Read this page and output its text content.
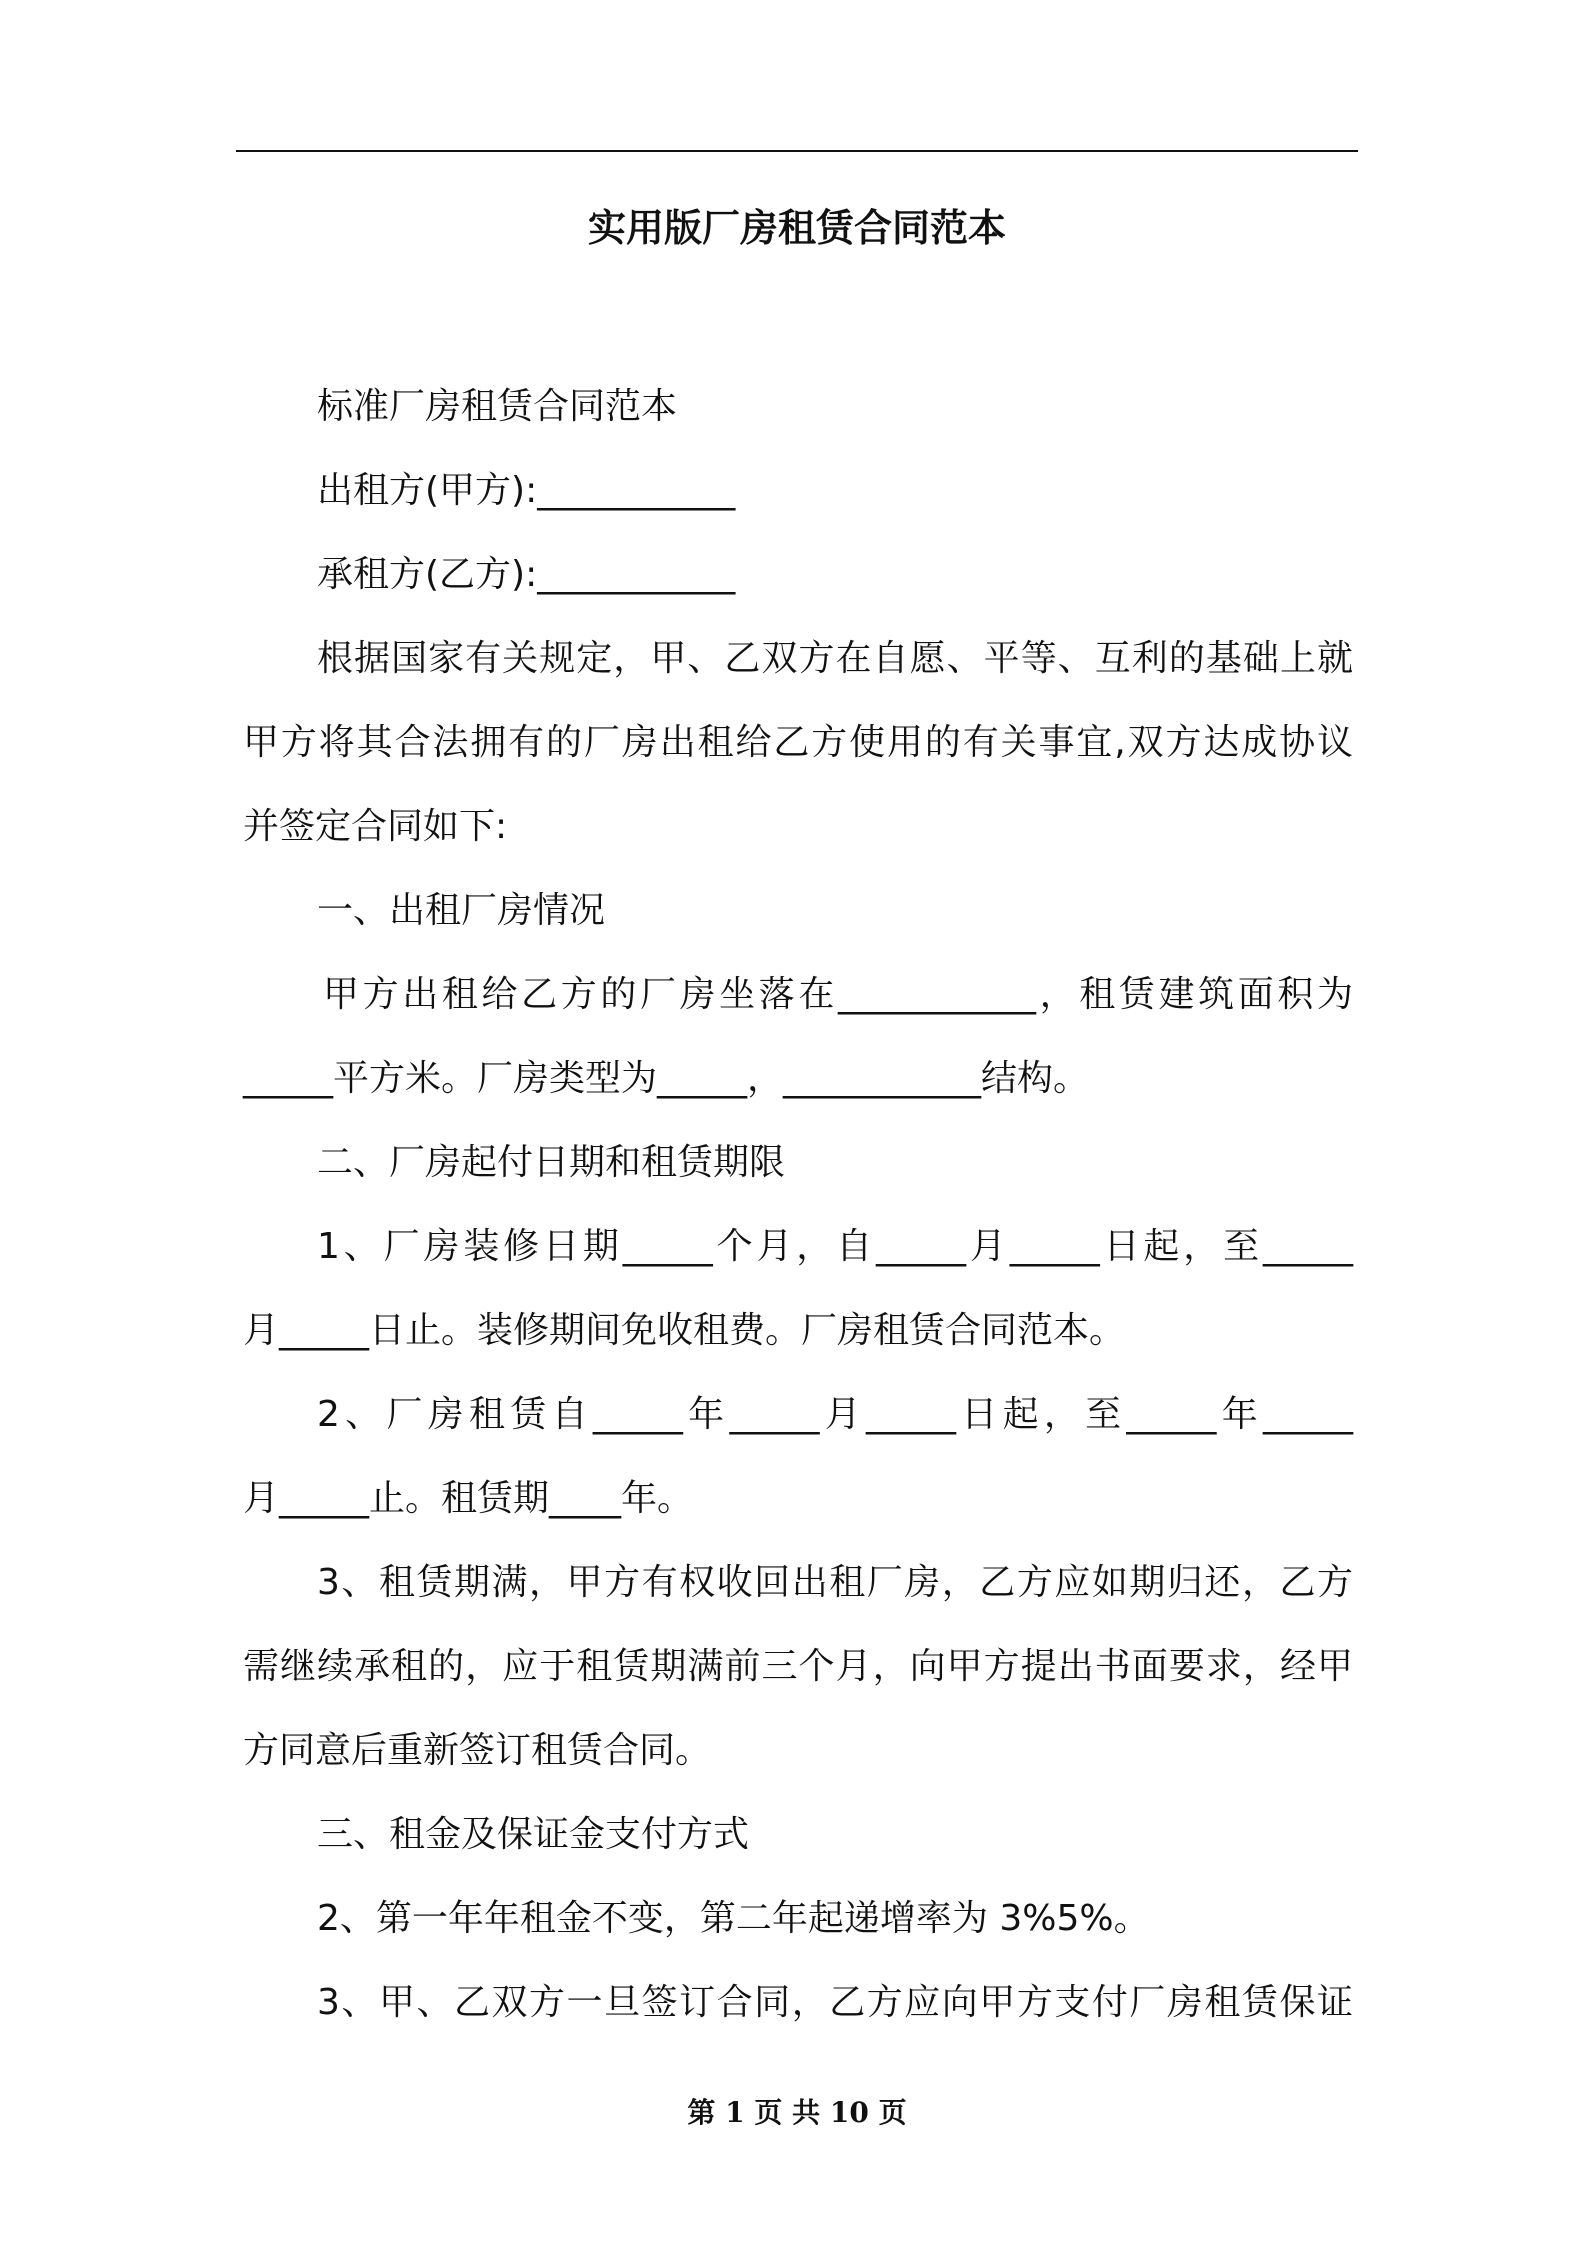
实用版厂房租赁合同范本

标准厂房租赁合同范本

出租方(甲方):___________

承租方(乙方):___________

根据国家有关规定，甲、乙双方在自愿、平等、互利的基础上就

甲方将其合法拥有的厂房出租给乙方使用的有关事宜,双方达成协议

并签定合同如下:

一、出租厂房情况

甲方出租给乙方的厂房坐落在___________，租赁建筑面积为

_____平方米。厂房类型为_____，___________结构。

二、厂房起付日期和租赁期限

1、厂房装修日期_____个月，自_____月_____日起，至_____

月_____日止。装修期间免收租费。厂房租赁合同范本。

2、厂房租赁自_____年_____月_____日起，至_____年_____

月_____止。租赁期____年。

3、租赁期满，甲方有权收回出租厂房，乙方应如期归还，乙方

需继续承租的，应于租赁期满前三个月，向甲方提出书面要求，经甲

方同意后重新签订租赁合同。

三、租金及保证金支付方式

2、第一年年租金不变，第二年起递增率为 3%5%。

3、甲、乙双方一旦签订合同，乙方应向甲方支付厂房租赁保证

第 1 页 共 10 页
